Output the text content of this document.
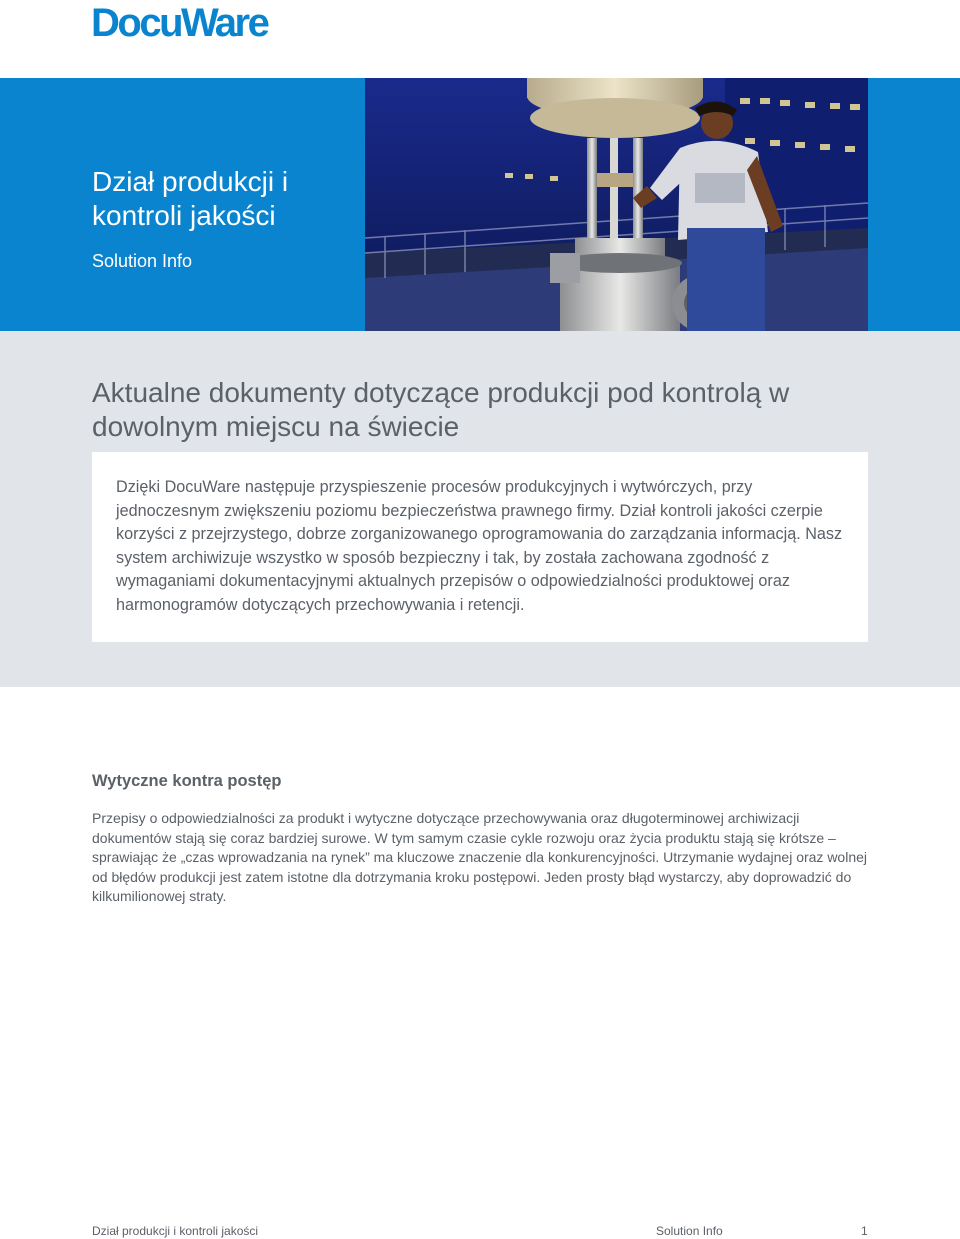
DocuWare
Dział produkcji i kontroli jakości
Solution Info
Aktualne dokumenty dotyczące produkcji pod kontrolą w dowolnym miejscu na świecie

Dzięki DocuWare następuje przyspieszenie procesów produkcyjnych i wytwórczych, przy jednoczesnym zwiększeniu poziomu bezpieczeństwa prawnego firmy. Dział kontroli jakości czerpie korzyści z przejrzystego, dobrze zorganizowanego oprogramowania do zarządzania informacją. Nasz system archiwizuje wszystko w sposób bezpieczny i tak, by została zachowana zgodność z wymaganiami dokumentacyjnymi aktualnych przepisów o odpowiedzialności produktowej oraz harmonogramów dotyczących przechowywania i retencji.

Wytyczne kontra postęp

Przepisy o odpowiedzialności za produkt i wytyczne dotyczące przechowywania oraz długoterminowej archiwizacji dokumentów stają się coraz bardziej surowe. W tym samym czasie cykle rozwoju oraz życia produktu stają się krótsze – sprawiając że „czas wprowadzania na rynek” ma kluczowe znaczenie dla konkurencyjności. Utrzymanie wydajnej oraz wolnej od błędów produkcji jest zatem istotne dla dotrzymania kroku postępowi. Jeden prosty błąd wystarczy, aby doprowadzić do kilkumilionowej straty.

Dział produkcji i kontroli jakości	Solution Info	1
